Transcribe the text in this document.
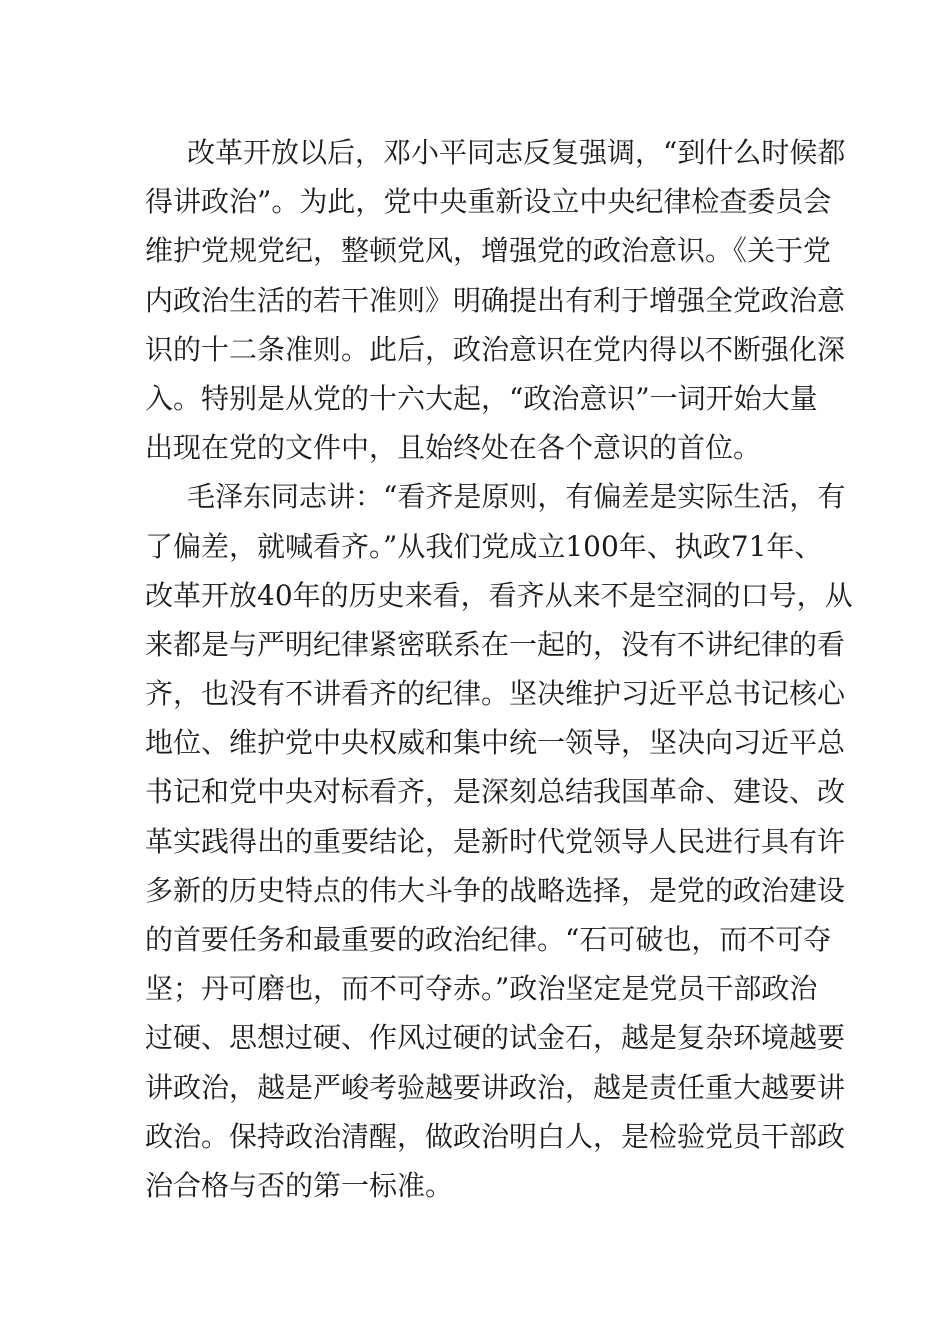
改革开放以后，邓小平同志反复强调，“到什么时候都
得讲政治”。为此，党中央重新设立中央纪律检查委员会
维护党规党纪，整顿党风，增强党的政治意识。《关于党
内政治生活的若干准则》明确提出有利于增强全党政治意
识的十二条准则。此后，政治意识在党内得以不断强化深
入。特别是从党的十六大起，“政治意识”一词开始大量
出现在党的文件中，且始终处在各个意识的首位。
毛泽东同志讲：“看齐是原则，有偏差是实际生活，有
了偏差，就喊看齐。”从我们党成立100年、执政71年、
改革开放40年的历史来看，看齐从来不是空洞的口号，从
来都是与严明纪律紧密联系在一起的，没有不讲纪律的看
齐，也没有不讲看齐的纪律。坚决维护习近平总书记核心
地位、维护党中央权威和集中统一领导，坚决向习近平总
书记和党中央对标看齐，是深刻总结我国革命、建设、改
革实践得出的重要结论，是新时代党领导人民进行具有许
多新的历史特点的伟大斗争的战略选择，是党的政治建设
的首要任务和最重要的政治纪律。“石可破也，而不可夺
坚；丹可磨也，而不可夺赤。”政治坚定是党员干部政治
过硬、思想过硬、作风过硬的试金石，越是复杂环境越要
讲政治，越是严峻考验越要讲政治，越是责任重大越要讲
政治。保持政治清醒，做政治明白人，是检验党员干部政
治合格与否的第一标准。
